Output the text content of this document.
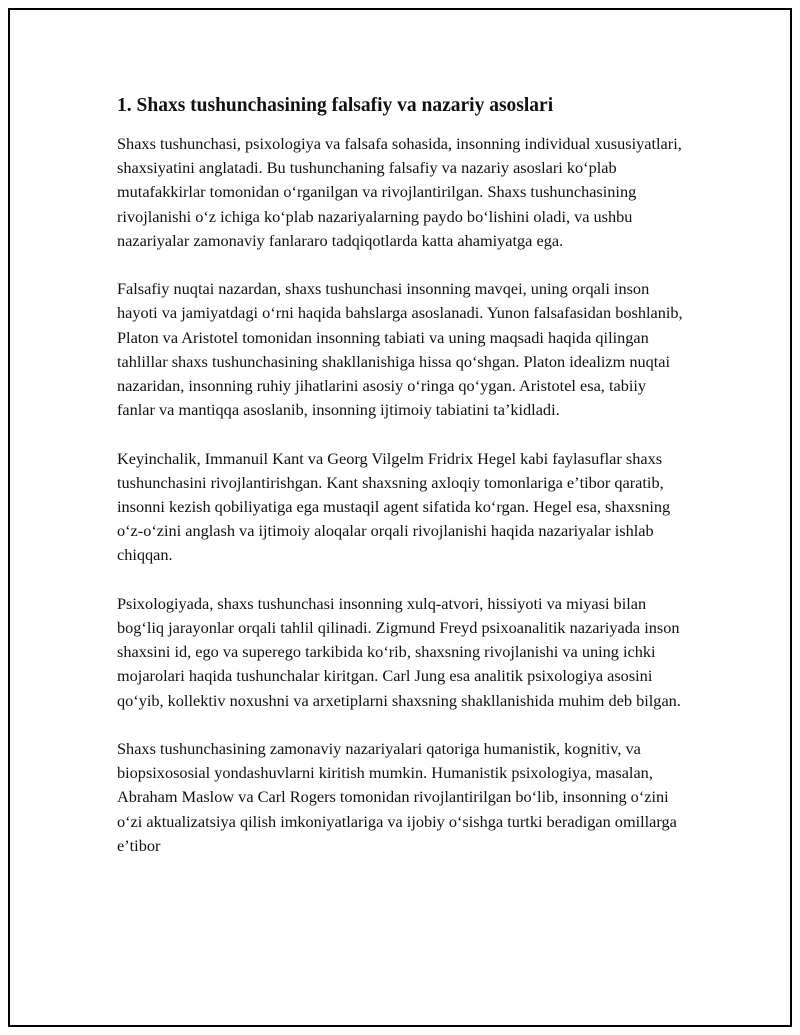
1. Shaxs tushunchasining falsafiy va nazariy asoslari

Shaxs tushunchasi, psixologiya va falsafa sohasida, insonning individual xususiyatlari, shaxsiyatini anglatadi. Bu tushunchaning falsafiy va nazariy asoslari koʻplab mutafakkirlar tomonidan oʻrganilgan va rivojlantirilgan. Shaxs tushunchasining rivojlanishi oʻz ichiga koʻplab nazariyalarning paydo boʻlishini oladi, va ushbu nazariyalar zamonaviy fanlararo tadqiqotlarda katta ahamiyatga ega.

Falsafiy nuqtai nazardan, shaxs tushunchasi insonning mavqei, uning orqali inson hayoti va jamiyatdagi oʻrni haqida bahslarga asoslanadi. Yunon falsafasidan boshlanib, Platon va Aristotel tomonidan insonning tabiati va uning maqsadi haqida qilingan tahlillar shaxs tushunchasining shakllanishiga hissa qoʻshgan. Platon idealizm nuqtai nazaridan, insonning ruhiy jihatlarini asosiy oʻringa qoʻygan. Aristotel esa, tabiiy fanlar va mantiqqa asoslanib, insonning ijtimoiy tabiatini taʼkidladi.

Keyinchalik, Immanuil Kant va Georg Vilgelm Fridrix Hegel kabi faylasuflar shaxs tushunchasini rivojlantirishgan. Kant shaxsning axloqiy tomonlariga eʼtibor qaratib, insonni kezish qobiliyatiga ega mustaqil agent sifatida koʻrgan. Hegel esa, shaxsning oʻz-oʻzini anglash va ijtimoiy aloqalar orqali rivojlanishi haqida nazariyalar ishlab chiqqan.

Psixologiyada, shaxs tushunchasi insonning xulq-atvori, hissiyoti va miyasi bilan bogʻliq jarayonlar orqali tahlil qilinadi. Zigmund Freyd psixoanalitik nazariyada inson shaxsini id, ego va superego tarkibida koʻrib, shaxsning rivojlanishi va uning ichki mojarolari haqida tushunchalar kiritgan. Carl Jung esa analitik psixologiya asosini qoʻyib, kollektiv noxushni va arxetiplarni shaxsning shakllanishida muhim deb bilgan.

Shaxs tushunchasining zamonaviy nazariyalari qatoriga humanistik, kognitiv, va biopsixososial yondashuvlarni kiritish mumkin. Humanistik psixologiya, masalan, Abraham Maslow va Carl Rogers tomonidan rivojlantirilgan boʻlib, insonning oʻzini oʻzi aktualizatsiya qilish imkoniyatlariga va ijobiy oʻsishga turtki beradigan omillarga eʼtibor
